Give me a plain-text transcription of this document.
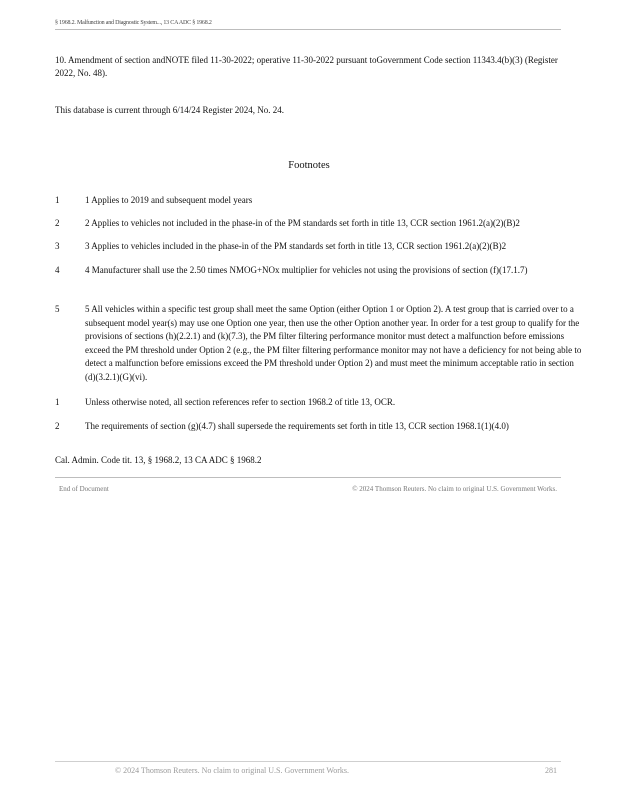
§ 1968.2. Malfunction and Diagnostic System..., 13 CA ADC § 1968.2
10. Amendment of section andNOTE filed 11-30-2022; operative 11-30-2022 pursuant toGovernment Code section 11343.4(b)(3) (Register 2022, No. 48).
This database is current through 6/14/24 Register 2024, No. 24.
Footnotes
1	1 Applies to 2019 and subsequent model years
2	2 Applies to vehicles not included in the phase-in of the PM standards set forth in title 13, CCR section 1961.2(a)(2)(B)2
3	3 Applies to vehicles included in the phase-in of the PM standards set forth in title 13, CCR section 1961.2(a)(2)(B)2
4	4 Manufacturer shall use the 2.50 times NMOG+NOx multiplier for vehicles not using the provisions of section (f)(17.1.7)
5	5 All vehicles within a specific test group shall meet the same Option (either Option 1 or Option 2). A test group that is carried over to a subsequent model year(s) may use one Option one year, then use the other Option another year. In order for a test group to qualify for the provisions of sections (h)(2.2.1) and (k)(7.3), the PM filter filtering performance monitor must detect a malfunction before emissions exceed the PM threshold under Option 2 (e.g., the PM filter filtering performance monitor may not have a deficiency for not being able to detect a malfunction before emissions exceed the PM threshold under Option 2) and must meet the minimum acceptable ratio in section (d)(3.2.1)(G)(vi).
1	Unless otherwise noted, all section references refer to section 1968.2 of title 13, OCR.
2	The requirements of section (g)(4.7) shall supersede the requirements set forth in title 13, CCR section 1968.1(1)(4.0)
Cal. Admin. Code tit. 13, § 1968.2, 13 CA ADC § 1968.2
End of Document	© 2024 Thomson Reuters. No claim to original U.S. Government Works.
© 2024 Thomson Reuters. No claim to original U.S. Government Works.	281
